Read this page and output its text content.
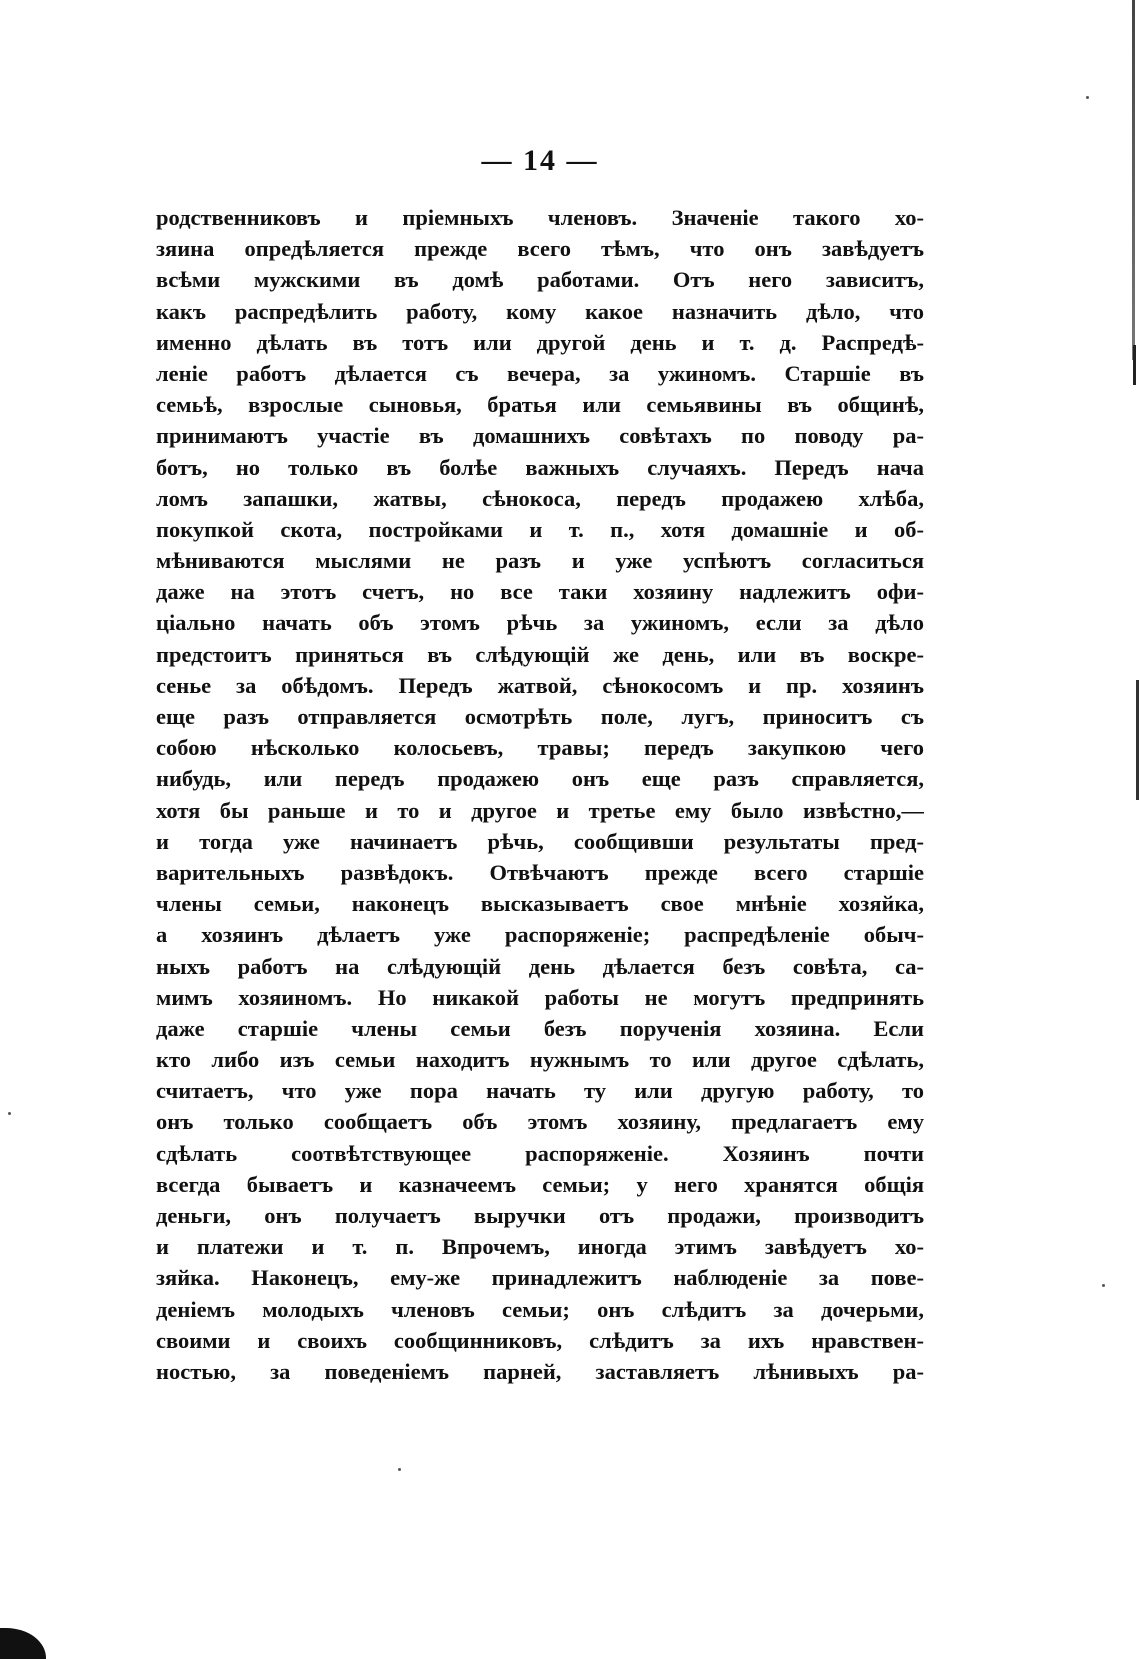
— 14 —
родственниковъ и пріемныхъ членовъ. Значеніе такого хо-
зяина опредѣляется прежде всего тѣмъ, что онъ завѣдуетъ
всѣми мужскими въ домѣ работами. Отъ него зависитъ,
какъ распредѣлить работу, кому какое назначить дѣло, что
именно дѣлать въ тотъ или другой день и т. д. Распредѣ-
леніе работъ дѣлается съ вечера, за ужиномъ. Старшіе въ
семьѣ, взрослые сыновья, братья или семьявины въ общинѣ,
принимаютъ участіе въ домашнихъ совѣтахъ по поводу ра-
ботъ, но только въ болѣе важныхъ случаяхъ. Передъ нача
ломъ запашки, жатвы, сѣнокоса, передъ продажею хлѣба,
покупкой скота, постройками и т. п., хотя домашніе и об-
мѣниваются мыслями не разъ и уже успѣютъ согласиться
даже на этотъ счетъ, но все таки хозяину надлежитъ офи-
ціально начать объ этомъ рѣчь за ужиномъ, если за дѣло
предстоитъ приняться въ слѣдующій же день, или въ воскре-
сенье за обѣдомъ. Передъ жатвой, сѣнокосомъ и пр. хозяинъ
еще разъ отправляется осмотрѣть поле, лугъ, приноситъ съ
собою нѣсколько колосьевъ, травы; передъ закупкою чего
нибудь, или передъ продажею онъ еще разъ справляется,
хотя бы раньше и то и другое и третье ему было извѣстно,—
и тогда уже начинаетъ рѣчь, сообщивши результаты пред-
варительныхъ развѣдокъ. Отвѣчаютъ прежде всего старшіе
члены семьи, наконецъ высказываетъ свое мнѣніе хозяйка,
а хозяинъ дѣлаетъ уже распоряженіе; распредѣленіе обыч-
ныхъ работъ на слѣдующій день дѣлается безъ совѣта, са-
мимъ хозяиномъ. Но никакой работы не могутъ предпринять
даже старшіе члены семьи безъ порученія хозяина. Если
кто либо изъ семьи находитъ нужнымъ то или другое сдѣлать,
считаетъ, что уже пора начать ту или другую работу, то
онъ только сообщаетъ объ этомъ хозяину, предлагаетъ ему
сдѣлать соотвѣтствующее распоряженіе. Хозяинъ почти
всегда бываетъ и казначеемъ семьи; у него хранятся общія
деньги, онъ получаетъ выручки отъ продажи, производитъ
и платежи и т. п. Впрочемъ, иногда этимъ завѣдуетъ хо-
зяйка. Наконецъ, ему-же принадлежитъ наблюденіе за пове-
деніемъ молодыхъ членовъ семьи; онъ слѣдитъ за дочерьми,
своими и своихъ сообщинниковъ, слѣдитъ за ихъ нравствен-
ностью, за поведеніемъ парней, заставляетъ лѣнивыхъ ра-
